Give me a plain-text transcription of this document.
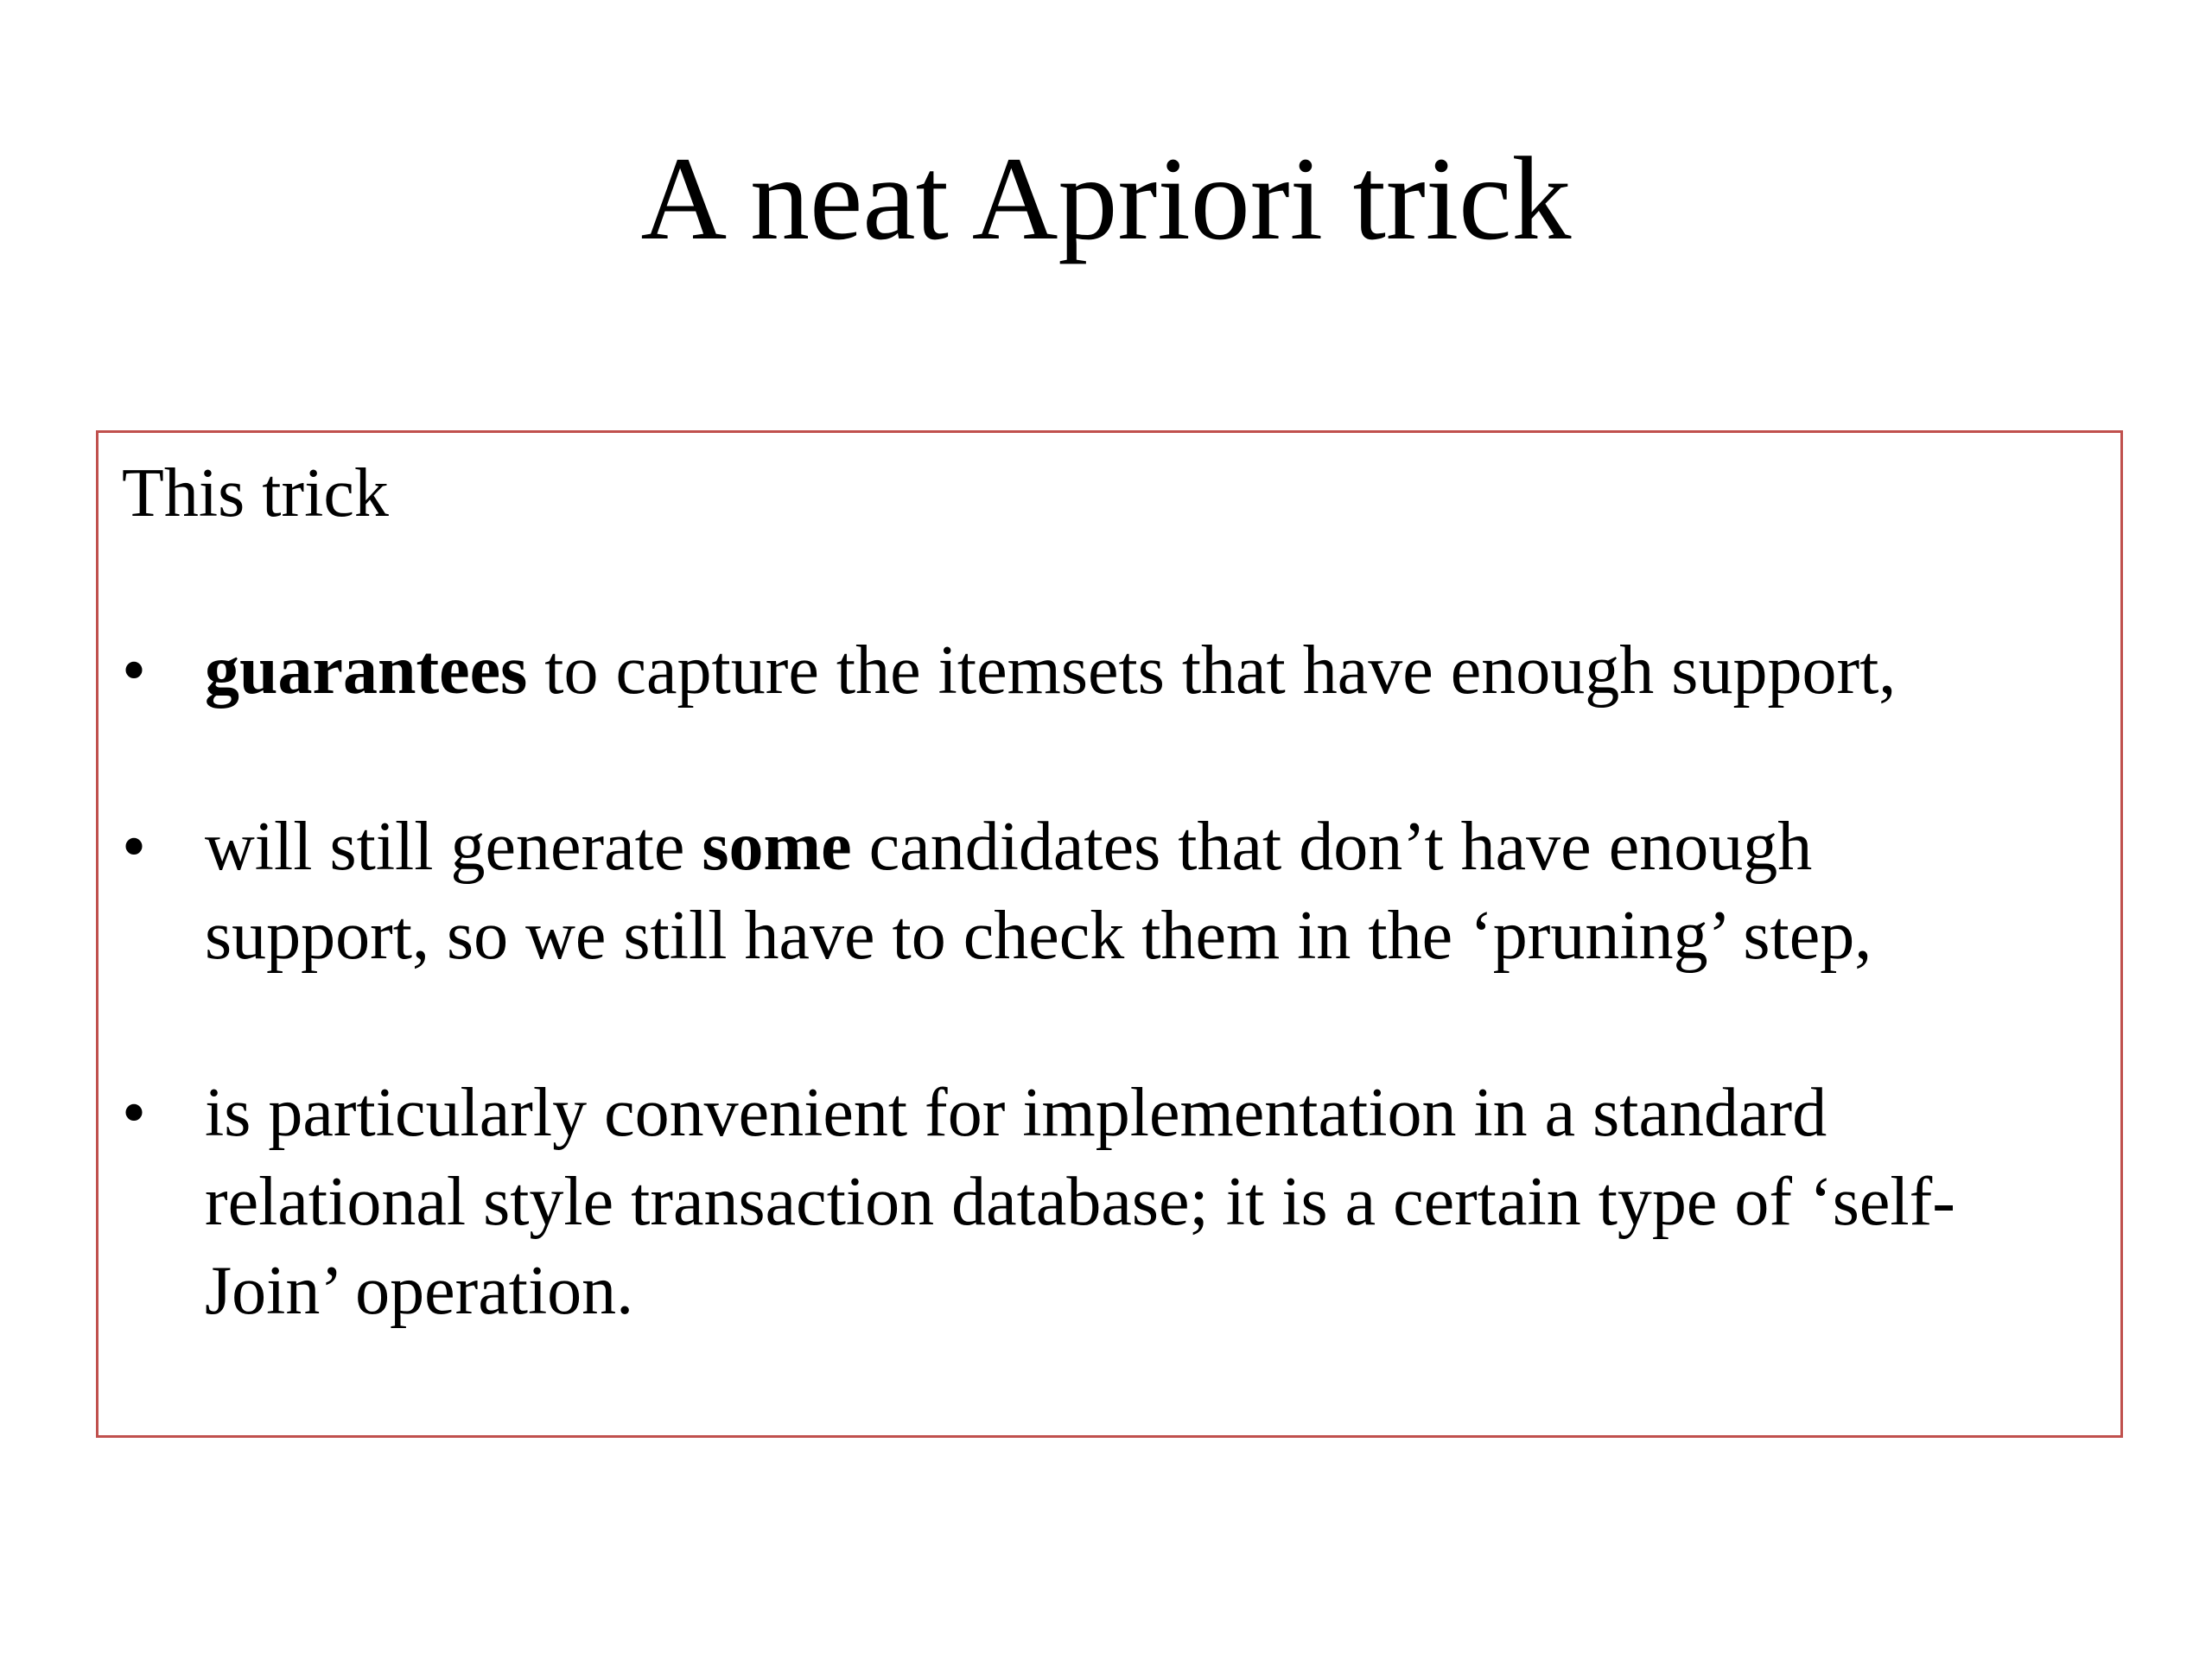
A neat Apriori trick

This trick

• guarantees to capture the itemsets that have enough support,

• will still generate some candidates that don’t have enough
support, so we still have to check them in the ‘pruning’ step,

• is particularly convenient for implementation in a standard
relational style transaction database; it is a certain type of ‘self-
Join’ operation.
